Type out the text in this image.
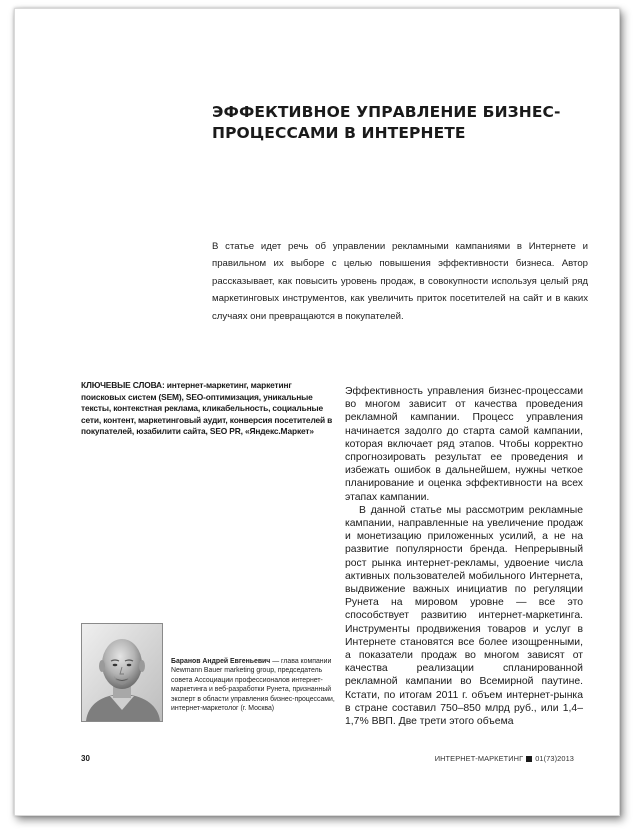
ЭФФЕКТИВНОЕ УПРАВЛЕНИЕ БИЗНЕС-ПРОЦЕССАМИ В ИНТЕРНЕТЕ

В статье идет речь об управлении рекламными кампаниями в Интернете и правильном их выборе с целью повышения эффективности бизнеса. Автор рассказывает, как повысить уровень продаж, в совокупности используя целый ряд маркетинговых инструментов, как увеличить приток посетителей на сайт и в каких случаях они превращаются в покупателей.

КЛЮЧЕВЫЕ СЛОВА: интернет-маркетинг, маркетинг поисковых систем (SEM), SEO-оптимизация, уникальные тексты, контекстная реклама, кликабельность, социальные сети, контент, маркетинговый аудит, конверсия посетителей в покупателей, юзабилити сайта, SEO PR, «Яндекс.Маркет»

Эффективность управления бизнес-процессами во многом зависит от качества проведения рекламной кампании. Процесс управления начинается задолго до старта самой кампании, которая включает ряд этапов. Чтобы корректно спрогнозировать результат ее проведения и избежать ошибок в дальнейшем, нужны четкое планирование и оценка эффективности на всех этапах кампании.

В данной статье мы рассмотрим рекламные кампании, направленные на увеличение продаж и монетизацию приложенных усилий, а не на развитие популярности бренда. Непрерывный рост рынка интернет-рекламы, удвоение числа активных пользователей мобильного Интернета, выдвижение важных инициатив по регуляции Рунета на мировом уровне — все это способствует развитию интернет-маркетинга. Инструменты продвижения товаров и услуг в Интернете становятся все более изощренными, а показатели продаж во многом зависят от качества реализации спланированной рекламной кампании во Всемирной паутине. Кстати, по итогам 2011 г. объем интернет-рынка в стране составил 750–850 млрд руб., или 1,4–1,7% ВВП. Две трети этого объема

Баранов Андрей Евгеньевич — глава компании Newmann Bauer marketing group, председатель совета Ассоциации профессионалов интернет-маркетинга и веб-разработки Рунета, признанный эксперт в области управления бизнес-процессами, интернет-маркетолог (г. Москва)

30	ИНТЕРНЕТ-МАРКЕТИНГ 01(73)2013
